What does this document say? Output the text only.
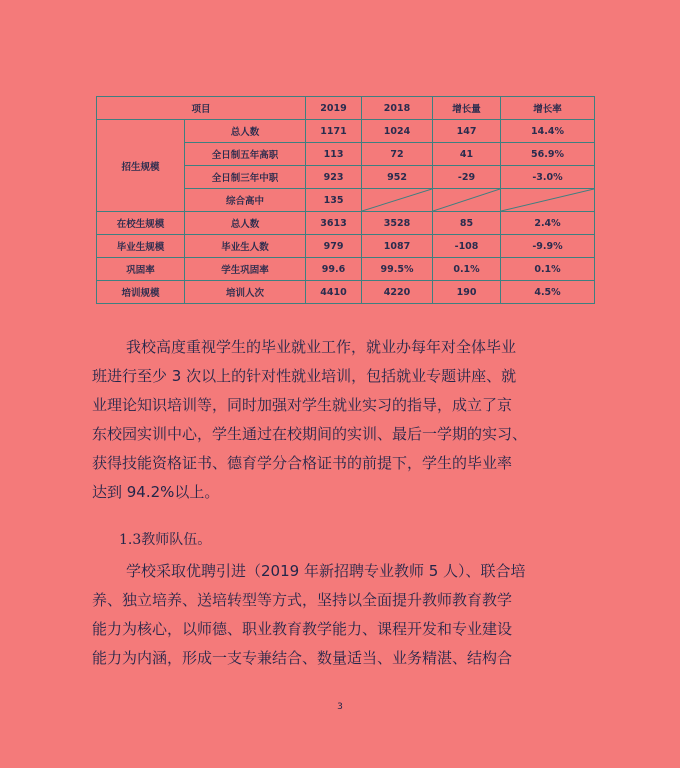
项目		2019	2018	增长量	增长率
招生规模	总人数	1171	1024	147	14.4%
	全日制五年高职	113	72	41	56.9%
	全日制三年中职	923	952	-29	-3.0%
	综合高中	135	

在校生规模	总人数	3613	3528	85	2.4%
毕业生规模	毕业生人数	979	1087	-108	-9.9%
巩固率	学生巩固率	99.6	99.5%	0.1%	0.1%
培训规模	培训人次	4410	4220	190	4.5%
我校高度重视学生的毕业就业工作，就业办每年对全体毕业
班进行至少 3 次以上的针对性就业培训，包括就业专题讲座、就
业理论知识培训等，同时加强对学生就业实习的指导，成立了京
东校园实训中心，学生通过在校期间的实训、最后一学期的实习、
获得技能资格证书、德育学分合格证书的前提下，学生的毕业率
达到 94.2%以上。
1.3教师队伍。
学校采取优聘引进（2019 年新招聘专业教师 5 人）、联合培
养、独立培养、送培转型等方式，坚持以全面提升教师教育教学
能力为核心，以师德、职业教育教学能力、课程开发和专业建设
能力为内涵，形成一支专兼结合、数量适当、业务精湛、结构合
3
